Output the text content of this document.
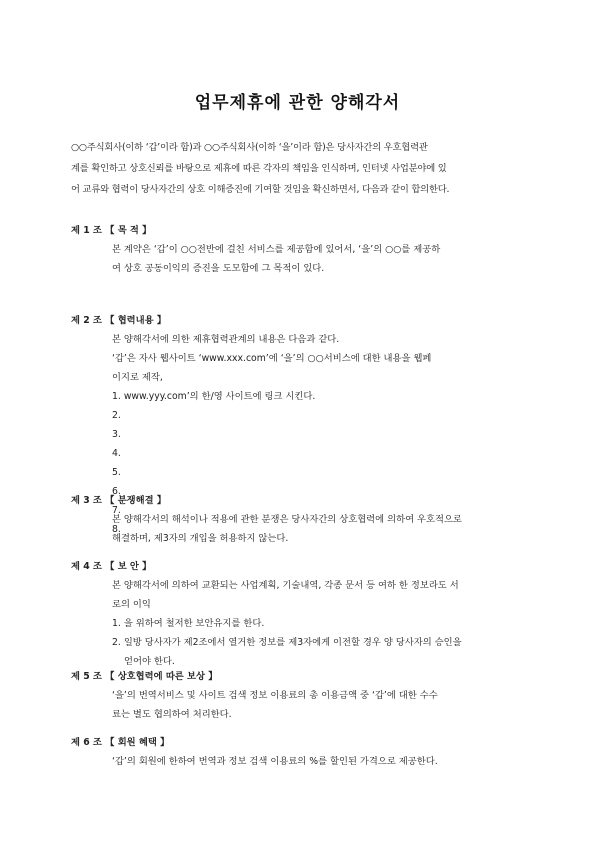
업무제휴에 관한 양해각서
○○주식회사(이하 ‘갑’이라 함)과 ○○주식회사(이하 ‘을’이라 함)은 당사자간의 우호협력관
계를 확인하고 상호신뢰를 바탕으로 제휴에 따른 각자의 책임을 인식하며, 인터넷 사업분야에 있
어 교류와 협력이 당사자간의 상호 이해증진에 기여할 것임을 확신하면서, 다음과 같이 합의한다.
제 1 조 【 목 적 】
본 계약은 ‘갑’이 ○○전반에 걸친 서비스를 제공함에 있어서, ‘을’의 ○○를 제공하
여 상호 공동이익의 증진을 도모함에 그 목적이 있다.
제 2 조 【 협력내용 】
본 양해각서에 의한 제휴협력관계의 내용은 다음과 같다.
‘갑’은 자사 웹사이트 ‘www.xxx.com’에 ‘을’의 ○○서비스에 대한 내용을 웹페
이지로 제작,
1. www.yyy.com’의 한/영 사이트에 링크 시킨다.
2.
3.
4.
5.
6.
7.
8.
제 3 조 【 분쟁해결 】
본 양해각서의 해석이나 적용에 관한 분쟁은 당사자간의 상호협력에 의하여 우호적으로
해결하며, 제3자의 개입을 허용하지 않는다.
제 4 조 【 보 안 】
본 양해각서에 의하여 교환되는 사업계획, 기술내역, 각종 문서 등 여하 한 정보라도 서
로의 이익
1. 을 위하여 철저한 보안유지를 한다.
2. 일방 당사자가 제2조에서 열거한 정보를 제3자에게 이전할 경우 양 당사자의 승인을
얻어야 한다.
제 5 조 【 상호협력에 따른 보상 】
‘을’의 번역서비스 및 사이트 검색 정보 이용료의 총 이용금액 중 ‘갑’에 대한 수수
료는 별도 협의하여 처리한다.
제 6 조 【 회원 혜택 】
‘갑’의 회원에 한하여 번역과 정보 검색 이용료의 %를 할인된 가격으로 제공한다.
